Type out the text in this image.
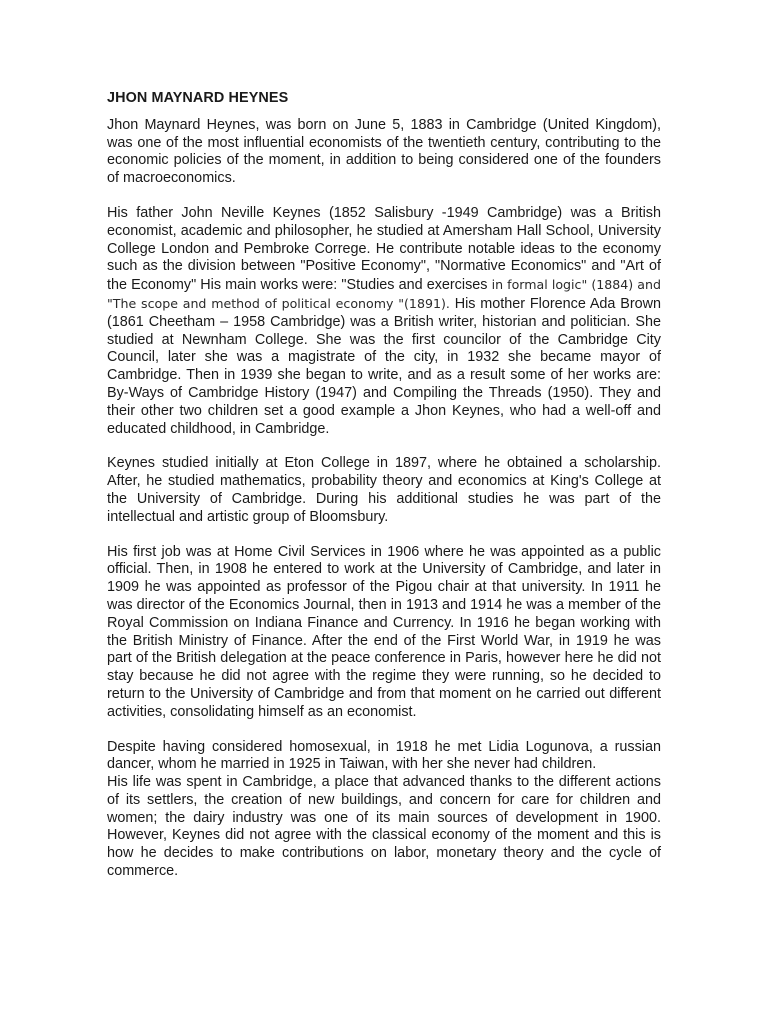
JHON MAYNARD HEYNES

Jhon Maynard Heynes, was born on June 5, 1883 in Cambridge (United Kingdom), was one of the most influential economists of the twentieth century, contributing to the economic policies of the moment, in addition to being considered one of the founders of macroeconomics.

His father John Neville Keynes (1852 Salisbury -1949 Cambridge) was a British economist, academic and philosopher, he studied at Amersham Hall School, University College London and Pembroke Correge. He contribute notable ideas to the economy such as the division between "Positive Economy", "Normative Economics" and "Art of the Economy" His main works were: "Studies and exercises in formal logic" (1884) and "The scope and method of political economy "(1891). His mother Florence Ada Brown (1861 Cheetham – 1958 Cambridge) was a British writer, historian and politician. She studied at Newnham College. She was the first councilor of the Cambridge City Council, later she was a magistrate of the city, in 1932 she became mayor of Cambridge. Then in 1939 she began to write, and as a result some of her works are: By-Ways of Cambridge History (1947) and Compiling the Threads (1950). They and their other two children set a good example a Jhon Keynes, who had a well-off and educated childhood, in Cambridge.

Keynes studied initially at Eton College in 1897, where he obtained a scholarship. After, he studied mathematics, probability theory and economics at King's College at the University of Cambridge. During his additional studies he was part of the intellectual and artistic group of Bloomsbury.

His first job was at Home Civil Services in 1906 where he was appointed as a public official. Then, in 1908 he entered to work at the University of Cambridge, and later in 1909 he was appointed as professor of the Pigou chair at that university. In 1911 he was director of the Economics Journal, then in 1913 and 1914 he was a member of the Royal Commission on Indiana Finance and Currency. In 1916 he began working with the British Ministry of Finance. After the end of the First World War, in 1919 he was part of the British delegation at the peace conference in Paris, however here he did not stay because he did not agree with the regime they were running, so he decided to return to the University of Cambridge and from that moment on he carried out different activities, consolidating himself as an economist.

Despite having considered homosexual, in 1918 he met Lidia Logunova, a russian dancer, whom he married in 1925 in Taiwan, with her she never had children.

His life was spent in Cambridge, a place that advanced thanks to the different actions of its settlers, the creation of new buildings, and concern for care for children and women; the dairy industry was one of its main sources of development in 1900. However, Keynes did not agree with the classical economy of the moment and this is how he decides to make contributions on labor, monetary theory and the cycle of commerce.
